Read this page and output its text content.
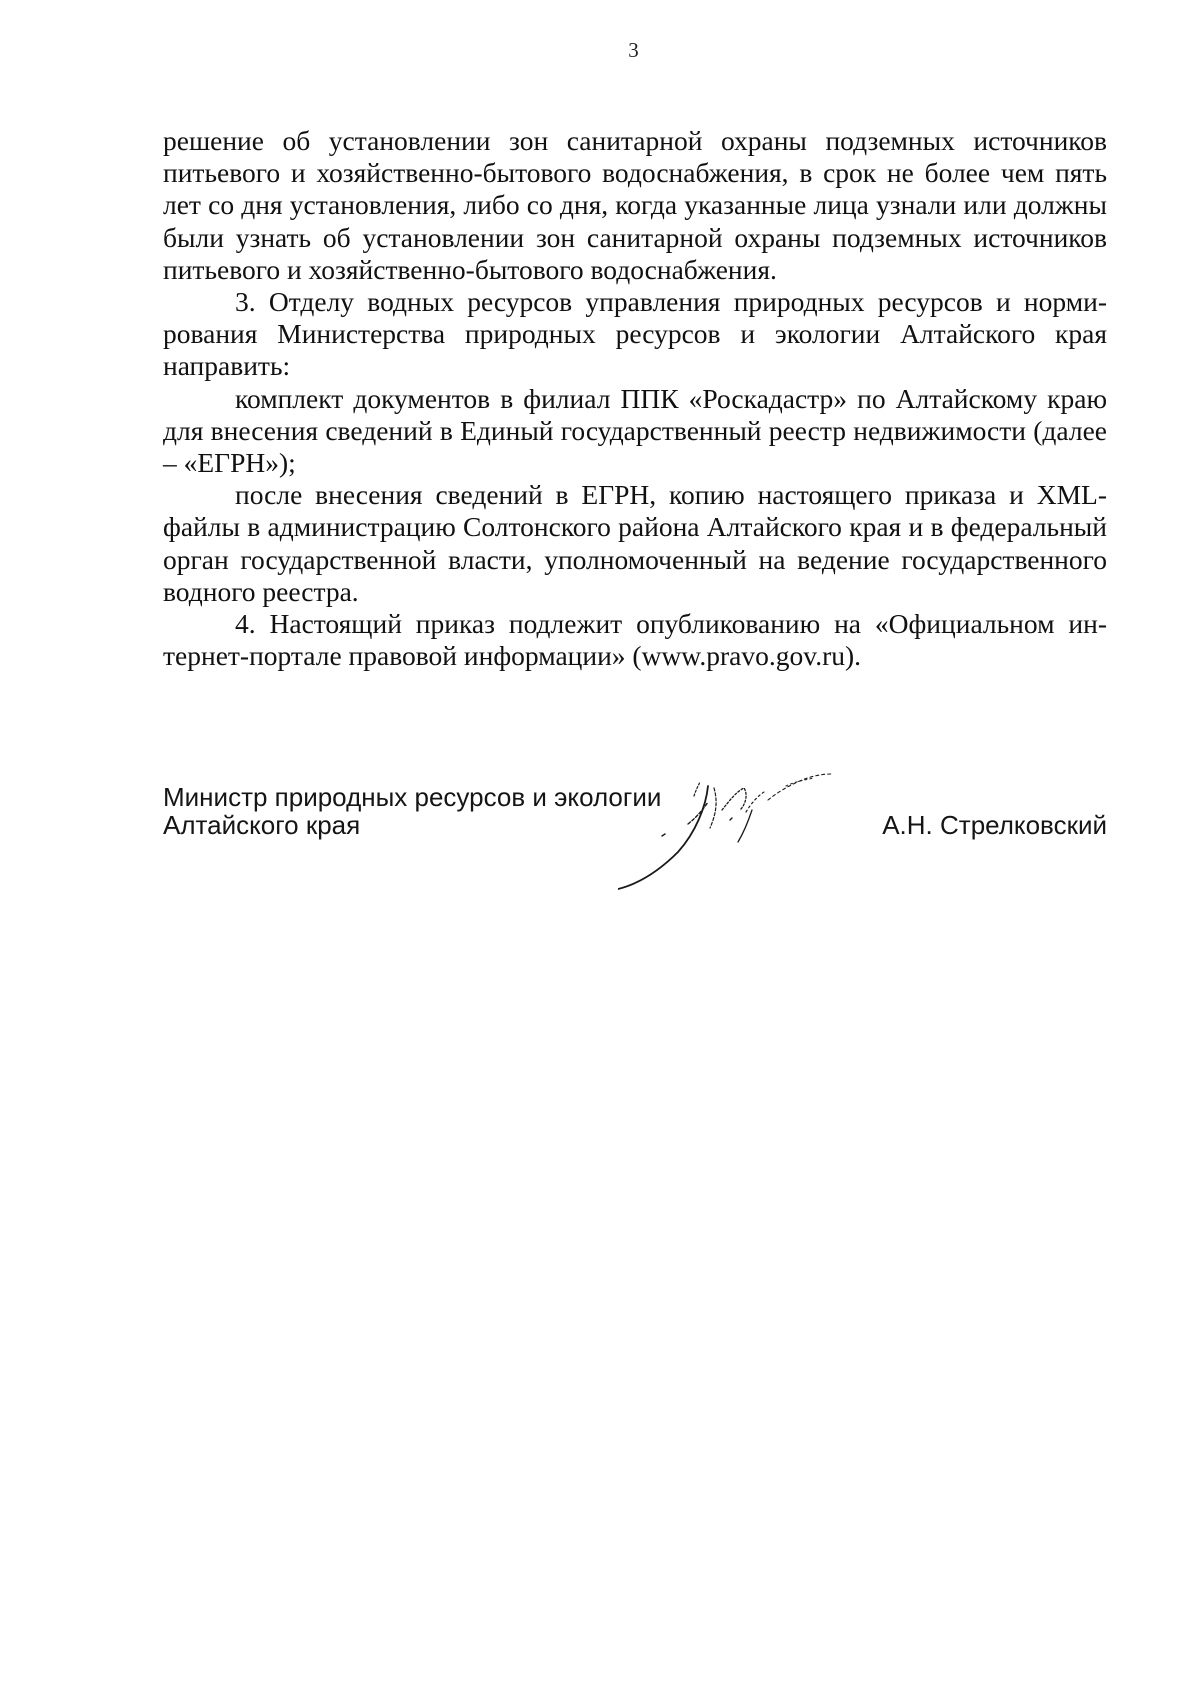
3

решение об установлении зон санитарной охраны подземных источников питьевого и хозяйственно-бытового водоснабжения, в срок не более чем пять лет со дня установления, либо со дня, когда указанные лица узнали или должны были узнать об установлении зон санитарной охраны подземных источников питьевого и хозяйственно-бытового водоснабжения.

3. Отделу водных ресурсов управления природных ресурсов и нормирования Министерства природных ресурсов и экологии Алтайского края направить:

комплект документов в филиал ППК «Роскадастр» по Алтайскому краю для внесения сведений в Единый государственный реестр недвижимости (далее – «ЕГРН»);

после внесения сведений в ЕГРН, копию настоящего приказа и XML-файлы в администрацию Солтонского района Алтайского края и в федеральный орган государственной власти, уполномоченный на ведение государственного водного реестра.

4. Настоящий приказ подлежит опубликованию на «Официальном интернет-портале правовой информации» (www.pravo.gov.ru).

Министр природных ресурсов и экологии
Алтайского края	А.Н. Стрелковский
